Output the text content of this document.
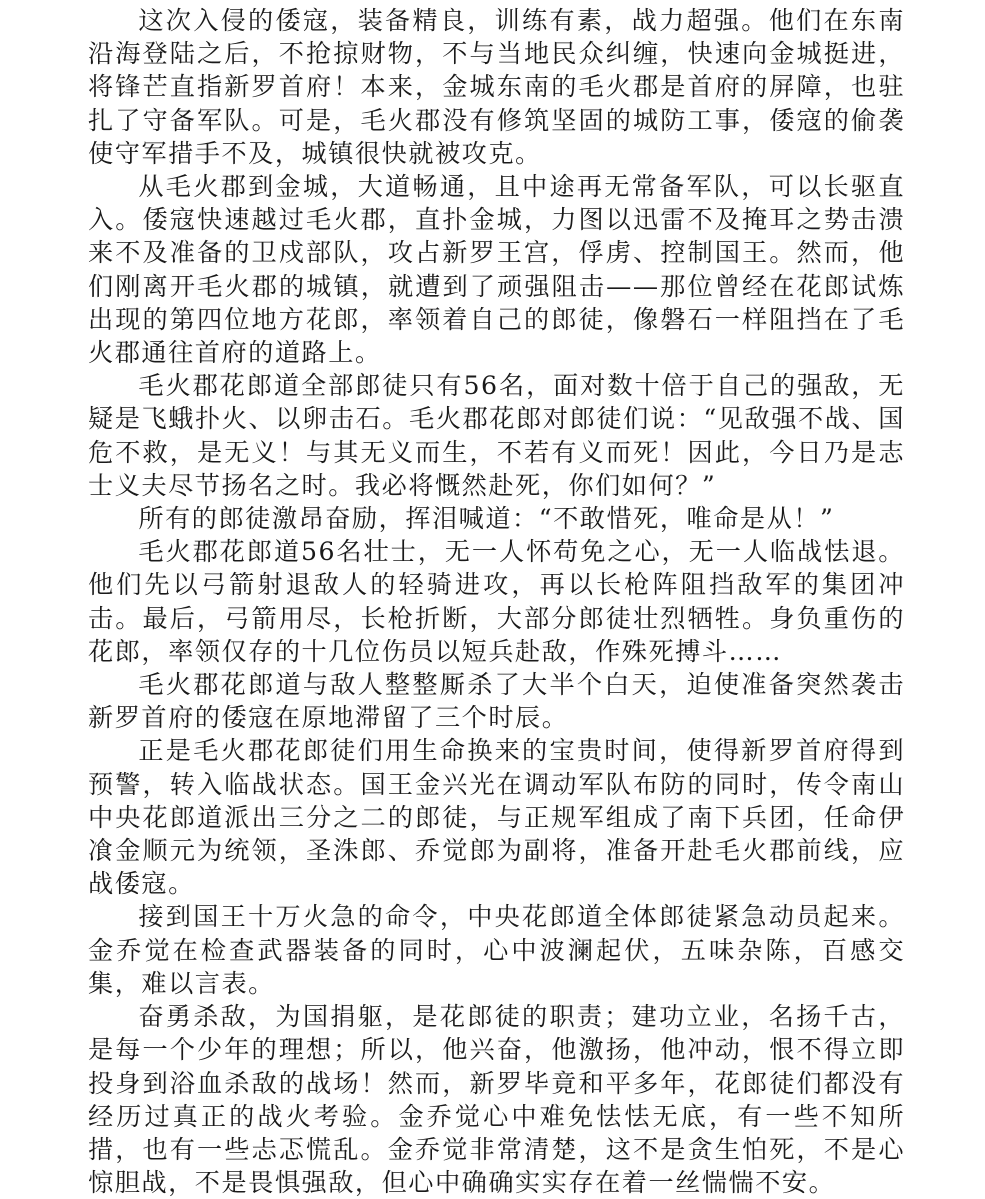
这次入侵的倭寇，装备精良，训练有素，战力超强。他们在东南沿海登陆之后，不抢掠财物，不与当地民众纠缠，快速向金城挺进，将锋芒直指新罗首府！本来，金城东南的毛火郡是首府的屏障，也驻扎了守备军队。可是，毛火郡没有修筑坚固的城防工事，倭寇的偷袭使守军措手不及，城镇很快就被攻克。

从毛火郡到金城，大道畅通，且中途再无常备军队，可以长驱直入。倭寇快速越过毛火郡，直扑金城，力图以迅雷不及掩耳之势击溃来不及准备的卫戍部队，攻占新罗王宫，俘虏、控制国王。然而，他们刚离开毛火郡的城镇，就遭到了顽强阻击——那位曾经在花郎试炼出现的第四位地方花郎，率领着自己的郎徒，像磐石一样阻挡在了毛火郡通往首府的道路上。

毛火郡花郎道全部郎徒只有56名，面对数十倍于自己的强敌，无疑是飞蛾扑火、以卵击石。毛火郡花郎对郎徒们说：“见敌强不战、国危不救，是无义！与其无义而生，不若有义而死！因此，今日乃是志士义夫尽节扬名之时。我必将慨然赴死，你们如何？”

所有的郎徒激昂奋励，挥泪喊道：“不敢惜死，唯命是从！”

毛火郡花郎道56名壮士，无一人怀苟免之心，无一人临战怯退。他们先以弓箭射退敌人的轻骑进攻，再以长枪阵阻挡敌军的集团冲击。最后，弓箭用尽，长枪折断，大部分郎徒壮烈牺牲。身负重伤的花郎，率领仅存的十几位伤员以短兵赴敌，作殊死搏斗……

毛火郡花郎道与敌人整整厮杀了大半个白天，迫使准备突然袭击新罗首府的倭寇在原地滞留了三个时辰。

正是毛火郡花郎徒们用生命换来的宝贵时间，使得新罗首府得到预警，转入临战状态。国王金兴光在调动军队布防的同时，传令南山中央花郎道派出三分之二的郎徒，与正规军组成了南下兵团，任命伊飡金顺元为统领，圣洙郎、乔觉郎为副将，准备开赴毛火郡前线，应战倭寇。

接到国王十万火急的命令，中央花郎道全体郎徒紧急动员起来。金乔觉在检查武器装备的同时，心中波澜起伏，五味杂陈，百感交集，难以言表。

奋勇杀敌，为国捐躯，是花郎徒的职责；建功立业，名扬千古，是每一个少年的理想；所以，他兴奋，他激扬，他冲动，恨不得立即投身到浴血杀敌的战场！然而，新罗毕竟和平多年，花郎徒们都没有经历过真正的战火考验。金乔觉心中难免怯怯无底，有一些不知所措，也有一些忐忑慌乱。金乔觉非常清楚，这不是贪生怕死，不是心惊胆战，不是畏惧强敌，但心中确确实实存在着一丝惴惴不安。
